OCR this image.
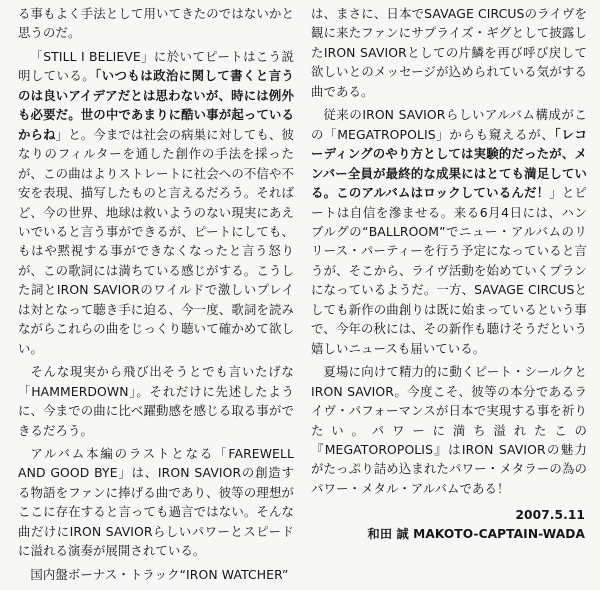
る事もよく手法として用いてきたのではないかと思うのだ。

「STILL I BELIEVE」に於いてピートはこう説明している。「いつもは政治に関して書くと言うのは良いアイデアだとは思わないが、時には例外も必要だ。世の中であまりに酷い事が起っているからね」と。今までは社会の病巣に対しても、彼なりのフィルターを通した創作の手法を採ったが、この曲はよりストレートに社会への不信や不安を表現、描写したものと言えるだろう。そればど、今の世界、地球は救いようのない現実にあえいでいると言う事ができるが、ピートにしても、もはや黙視する事ができなくなったと言う怒りが、この歌詞には満ちている感じがする。こうした詞とIRON SAVIORのワイルドで激しいプレイは対となって聴き手に迫る、今一度、歌詞を読みながらこれらの曲をじっくり聴いて確かめて欲しい。

そんな現実から飛び出そうとでも言いたげな「HAMMERDOWN」。それだけに先述したように、今までの曲に比べ躍動感を感じる取る事ができるだろう。

アルバム本編のラストとなる「FAREWELL AND GOOD BYE」は、IRON SAVIORの創造する物語をファンに捧げる曲であり、彼等の理想がここに存在すると言っても過言ではない。そんな曲だけにIRON SAVIORらしいパワーとスピードに溢れる演奏が展開されている。

国内盤ボーナス・トラック“IRON WATCHER”

は、まさに、日本でSAVAGE CIRCUSのライヴを観に来たファンにサプライズ・ギグとして披露したIRON SAVIORとしての片鱗を再び呼び戻して欲しいとのメッセージが込められている気がする曲である。

従来のIRON SAVIORらしいアルバム構成がこの「MEGATROPOLIS」からも窺えるが、「レコーディングのやり方としては実験的だったが、メンバー全員が最終的な成果にはとても満足している。このアルバムはロックしているんだ！」とピートは自信を滲ませる。来る6月4日には、ハンブルグの“BALLROOM”でニュー・アルバムのリリース・パーティーを行う予定になっていると言うが、そこから、ライヴ活動を始めていくプランになっているようだ。一方、SAVAGE CIRCUSとしても新作の曲創りは既に始まっているという事で、今年の秋には、その新作も聴けそうだという嬉しいニュースも届いている。

夏場に向けて精力的に動くピート・シールクとIRON SAVIOR。今度こそ、彼等の本分であるライヴ・パフォーマンスが日本で実現する事を祈りたい。パワーに満ち溢れたこの『MEGATOROPOLIS』はIRON SAVIORの魅力がたっぷり詰め込まれたパワー・メタラーの為のパワー・メタル・アルバムである！

2007.5.11
和田 誠 MAKOTO-CAPTAIN-WADA
